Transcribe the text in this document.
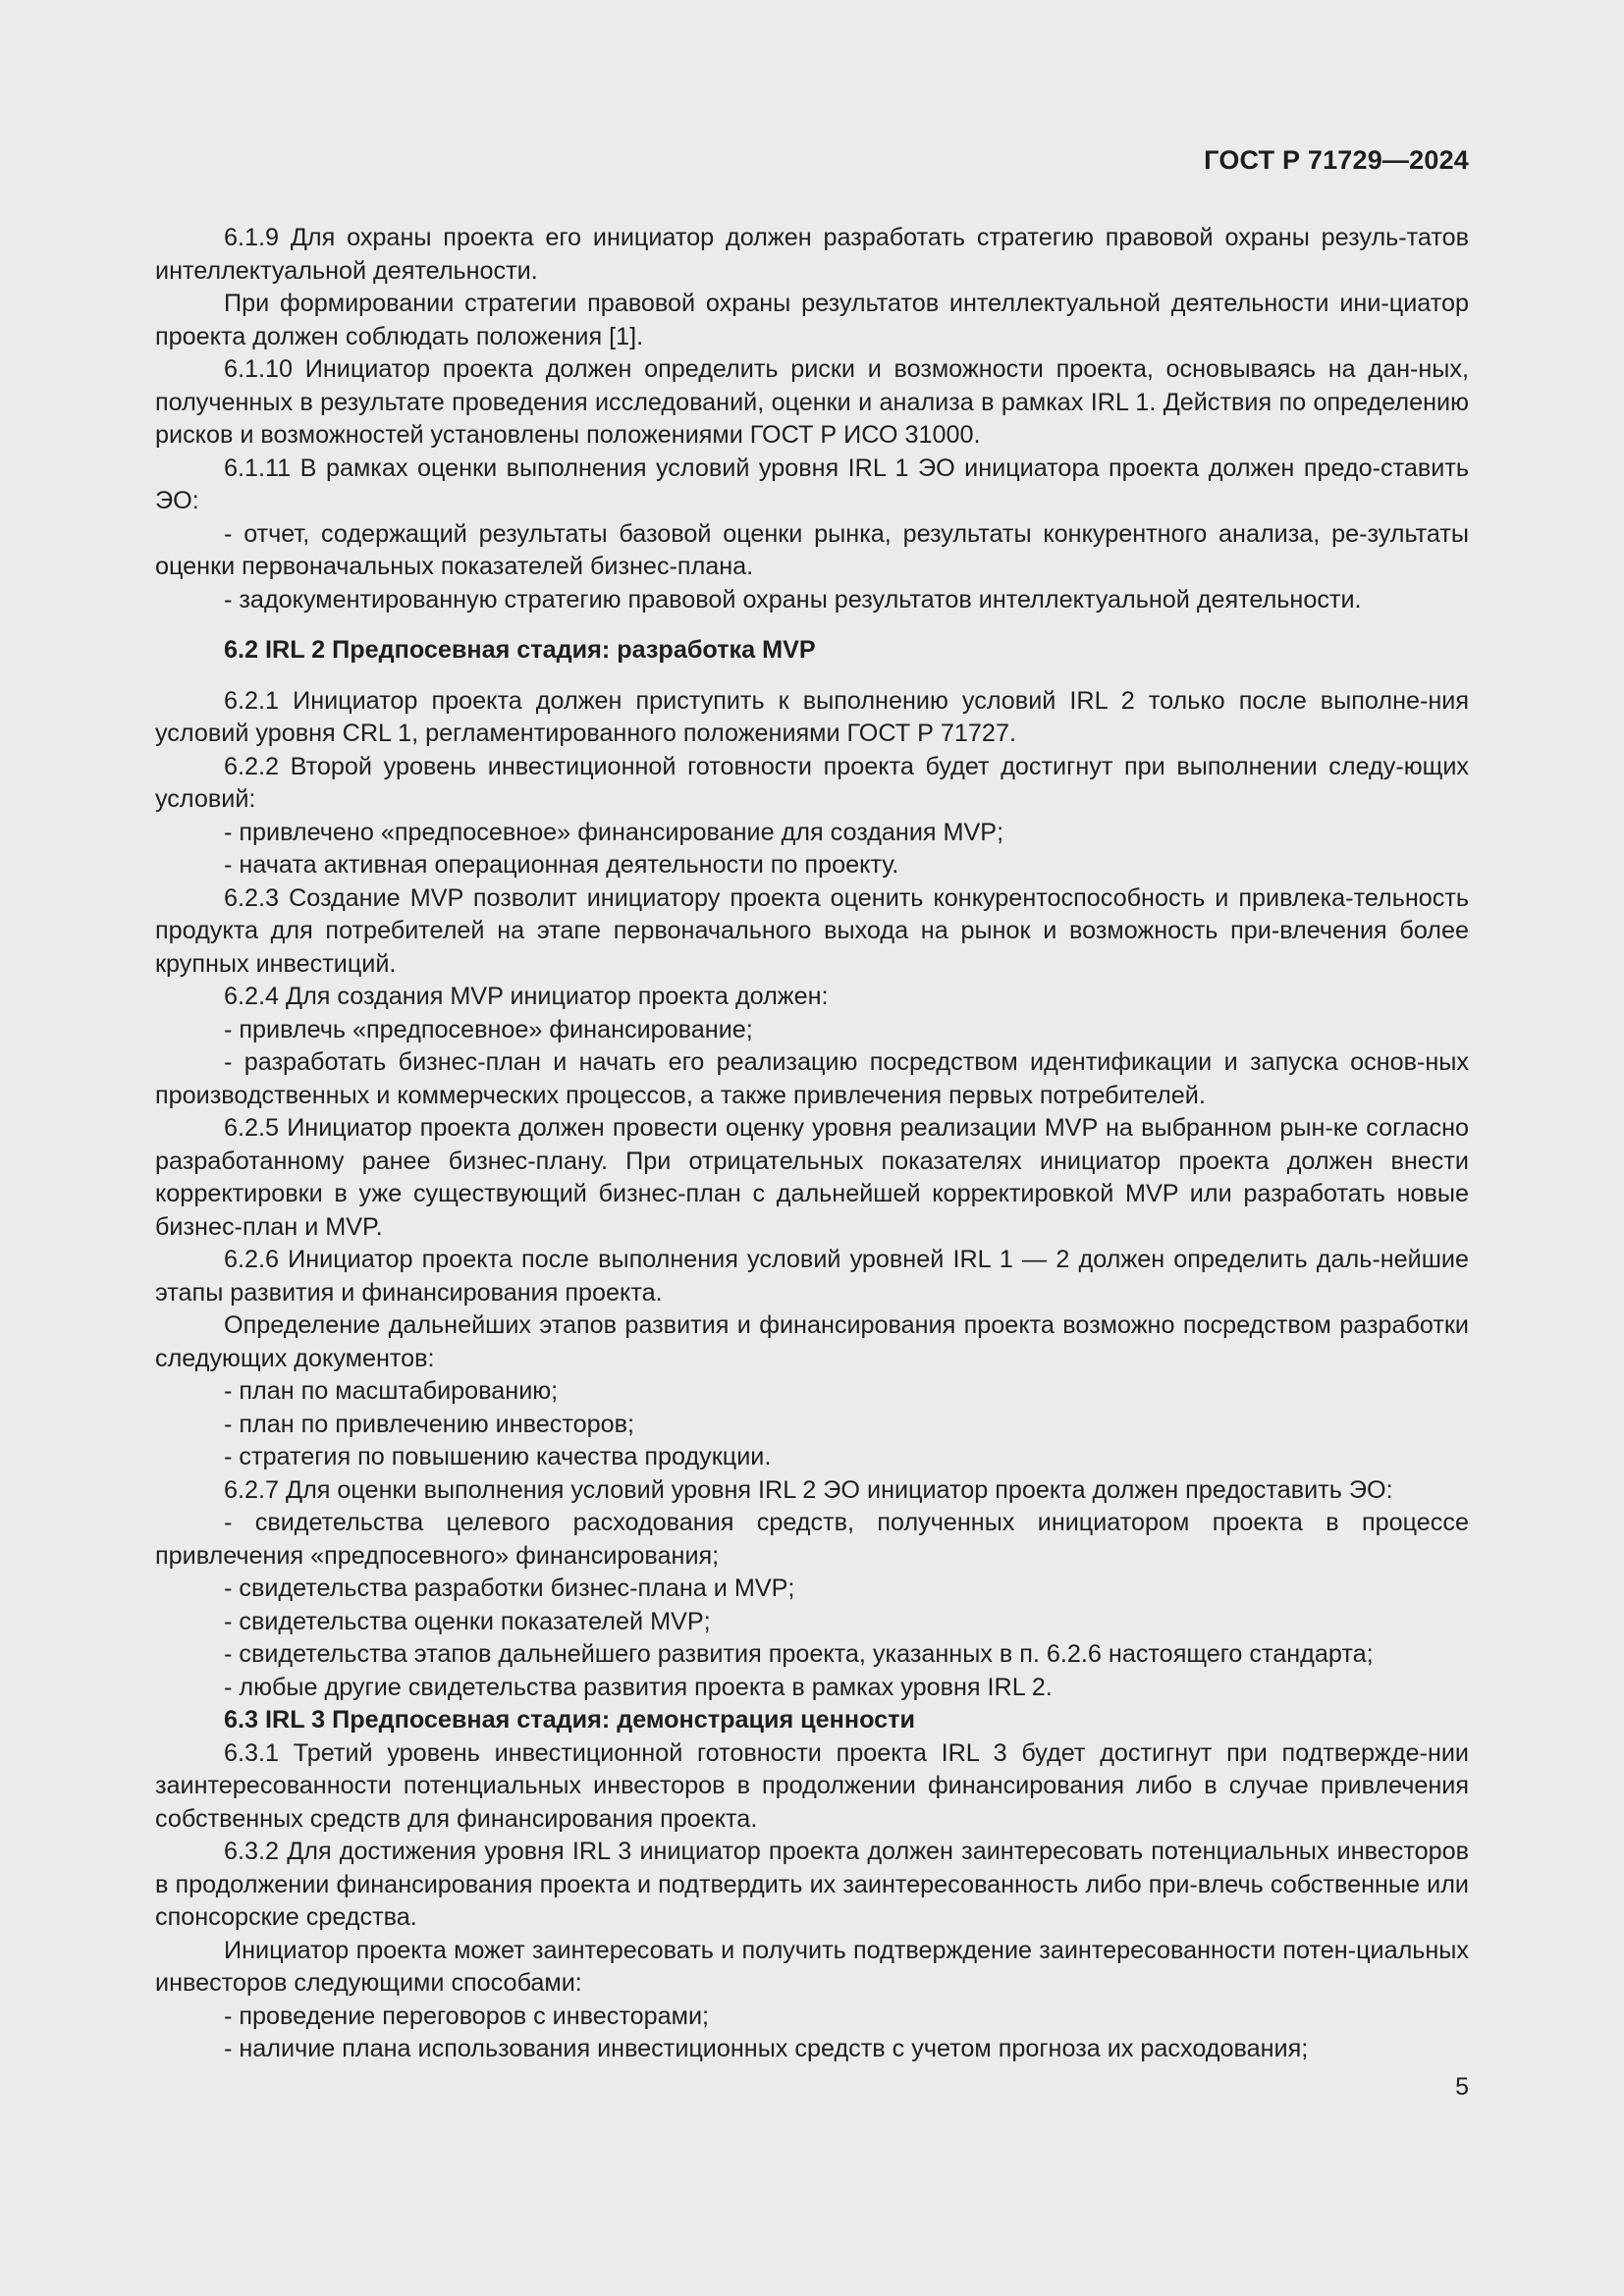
ГОСТ Р 71729—2024

6.1.9 Для охраны проекта его инициатор должен разработать стратегию правовой охраны резуль-татов интеллектуальной деятельности.

При формировании стратегии правовой охраны результатов интеллектуальной деятельности ини-циатор проекта должен соблюдать положения [1].

6.1.10 Инициатор проекта должен определить риски и возможности проекта, основываясь на дан-ных, полученных в результате проведения исследований, оценки и анализа в рамках IRL 1. Действия по определению рисков и возможностей установлены положениями ГОСТ Р ИСО 31000.

6.1.11 В рамках оценки выполнения условий уровня IRL 1 ЭО инициатора проекта должен предо-ставить ЭО:

- отчет, содержащий результаты базовой оценки рынка, результаты конкурентного анализа, ре-зультаты оценки первоначальных показателей бизнес-плана.

- задокументированную стратегию правовой охраны результатов интеллектуальной деятельности.

6.2 IRL 2 Предпосевная стадия: разработка MVP

6.2.1 Инициатор проекта должен приступить к выполнению условий IRL 2 только после выполне-ния условий уровня CRL 1, регламентированного положениями ГОСТ Р 71727.

6.2.2 Второй уровень инвестиционной готовности проекта будет достигнут при выполнении следу-ющих условий:

- привлечено «предпосевное» финансирование для создания MVP;

- начата активная операционная деятельности по проекту.

6.2.3 Создание MVP позволит инициатору проекта оценить конкурентоспособность и привлека-тельность продукта для потребителей на этапе первоначального выхода на рынок и возможность при-влечения более крупных инвестиций.

6.2.4 Для создания MVP инициатор проекта должен:

- привлечь «предпосевное» финансирование;

- разработать бизнес-план и начать его реализацию посредством идентификации и запуска основ-ных производственных и коммерческих процессов, а также привлечения первых потребителей.

6.2.5 Инициатор проекта должен провести оценку уровня реализации MVP на выбранном рын-ке согласно разработанному ранее бизнес-плану. При отрицательных показателях инициатор проекта должен внести корректировки в уже существующий бизнес-план с дальнейшей корректировкой MVP или разработать новые бизнес-план и MVP.

6.2.6 Инициатор проекта после выполнения условий уровней IRL 1 — 2 должен определить даль-нейшие этапы развития и финансирования проекта.

Определение дальнейших этапов развития и финансирования проекта возможно посредством разработки следующих документов:

- план по масштабированию;

- план по привлечению инвесторов;

- стратегия по повышению качества продукции.

6.2.7 Для оценки выполнения условий уровня IRL 2 ЭО инициатор проекта должен предоставить ЭО:

- свидетельства целевого расходования средств, полученных инициатором проекта в процессе привлечения «предпосевного» финансирования;

- свидетельства разработки бизнес-плана и MVP;

- свидетельства оценки показателей MVP;

- свидетельства этапов дальнейшего развития проекта, указанных в п. 6.2.6 настоящего стандарта;

- любые другие свидетельства развития проекта в рамках уровня IRL 2.

6.3 IRL 3 Предпосевная стадия: демонстрация ценности

6.3.1 Третий уровень инвестиционной готовности проекта IRL 3 будет достигнут при подтвержде-нии заинтересованности потенциальных инвесторов в продолжении финансирования либо в случае привлечения собственных средств для финансирования проекта.

6.3.2 Для достижения уровня IRL 3 инициатор проекта должен заинтересовать потенциальных инвесторов в продолжении финансирования проекта и подтвердить их заинтересованность либо при-влечь собственные или спонсорские средства.

Инициатор проекта может заинтересовать и получить подтверждение заинтересованности потен-циальных инвесторов следующими способами:

- проведение переговоров с инвесторами;

- наличие плана использования инвестиционных средств с учетом прогноза их расходования;

5
